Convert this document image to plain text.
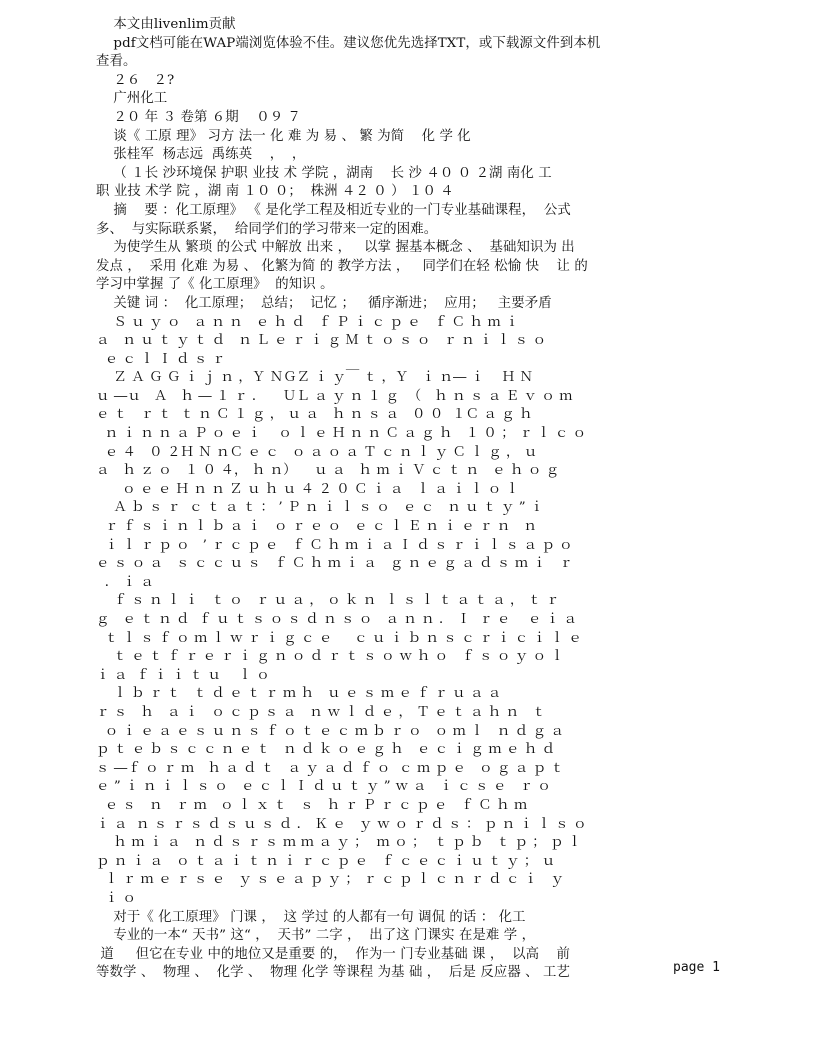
本文由livenlim贡献
pdf文档可能在WAP端浏览体验不佳。建议您优先选择TXT，或下载源文件到本机
查看。
２６   ２?
广州化工
２０ 年 ３ 卷第 ６期    ０９ ７
谈《 工原 理》 习方 法一 化 难 为 易 、 繁 为简    化 学 化
张桂军  杨志远  禹练英    ，  ，
（ １长 沙环境保 护职 业技 术 学院 ，湖南    长 沙 ４０ ０ ２湖 南化 工
职 业技 术学 院 ，湖 南 １０ ０；  株洲 ４２ ０ ） １０ ４
摘    要 ：化工原理》 《 是化学工程及相近专业的一门专业基础课程，  公式
多、  与实际联系紧，  给同学们的学习带来一定的困难。
为使学生从 繁琐 的公式 中解放 出来 ，   以掌 握基本概念 、  基础知识为 出
发点 ，  采用 化难 为易 、 化繁为简 的 教学方法 ，   同学们在轻 松愉 快    让 的
学习中掌握 了《 化工原理》  的知识 。
关键 词 ：  化工原理；  总结；  记忆 ；   循序渐进；  应用；   主要矛盾
Ｓ ｕ ｙ ｏ   ａ ｎ ｎ   ｅ ｈ ｄ   ｆ Ｐ ｉ ｃ ｐ ｅ   ｆ Ｃ ｈ ｍ ｉ
ａ   ｎ ｕ ｔ ｙ ｔ ｄ   ｎ Ｌ ｅ ｒ ｉ ｇ Ｍ ｔ ｏ ｓ ｏ   ｒ ｎ ｉ ｌ ｓ ｏ
ｅ ｃ ｌ Ｉ ｄ ｓ ｒ
Ｚ Ａ Ｇ Ｇ ｉ ｊ ｎ ，Ｙ ＮＧＺ ｉ ｙ￣ ｔ ，Ｙ   ｉ ｎ― ｉ    Ｈ Ｎ
ｕ ―ｕ   Ａ   ｈ ― １ ｒ ．    ＵＬ ａ ｙ ｎ １ ｇ  （   ｈ ｎ ｓ ａ Ｅ ｖ ｏ ｍ
ｅ ｔ   ｒ ｔ  ｔ ｎ Ｃ １ ｇ ， ｕ ａ   ｈ ｎ ｓ ａ   ０ ０  １Ｃ ａ ｇ ｈ
ｎ ｉ ｎ ｎ ａ Ｐ ｏ ｅ ｉ    ｏ ｌ ｅ Ｈ ｎ ｎ Ｃ ａ ｇ ｈ   １ ０ ； ｒ ｌ ｃ ｏ
ｅ ４   ０ ２Ｈ Ｎ ｎＣ ｅ ｃ   ｏ ａ ｏ ａ Ｔ ｃ ｎ ｌ ｙ Ｃ ｌ ｇ ， ｕ
ａ   ｈ ｚ ｏ   １ ０ ４， ｈ ｎ）    ｕ ａ   ｈ ｍ ｉ Ｖ ｃ ｔ ｎ   ｅ ｈ ｏ ｇ
ｏ ｅ ｅ Ｈ ｎ ｎ Ｚ ｕ ｈ ｕ ４ ２ ０ Ｃ ｉ ａ   ｌ ａ ｉ ｌ ｏ ｌ
Ａ ｂ ｓ ｒ  ｃ ｔ ａ ｔ ： ’ Ｐ ｎ ｉ ｌ ｓ ｏ   ｅ ｃ   ｎ ｕ ｔ ｙ ” ｉ
ｒ ｆ ｓ ｉ ｎ ｌ ｂ ａ ｉ   ｏ ｒ ｅ ｏ   ｅ ｃ ｌ Ｅ ｎ ｉ ｅ ｒ ｎ   ｎ
ｉ ｌ ｒ ｐ ｏ   ’ ｒ ｃ ｐ ｅ   ｆ Ｃ ｈ ｍ ｉ ａ Ｉ ｄ ｓ ｒ ｉ ｌ ｓ ａ ｐ ｏ
ｅ ｓ ｏ ａ   ｓ ｃ ｃ ｕ ｓ   ｆ Ｃ ｈ ｍ ｉ ａ   ｇ ｎ ｅ ｇ ａ ｄ ｓ ｍ ｉ   ｒ
． ｉ ａ
ｆ ｓ ｎ ｌ ｉ   ｔ ｏ   ｒ ｕ ａ ， ｏ ｋ ｎ  ｌ ｓ ｌ ｔ ａ ｔ ａ ， ｔ ｒ
ｇ   ｅ ｔ ｎ ｄ  ｆ ｕ ｔ ｓ ｏ ｓ ｄ ｎ ｓ ｏ   ａ ｎ ｎ ． Ｉ  ｒ ｅ    ｅ ｉ ａ
ｔ ｌ ｓ ｆ ｏ ｍ ｌ ｗ ｒ ｉ ｇ ｃ ｅ     ｃ ｕ ｉ ｂ ｎ ｓ ｃ ｒ ｉ ｃ ｉ ｌ ｅ
ｔ ｅ ｔ ｆ ｒ ｅ ｒ ｉ ｇ ｎ ｏ ｄ ｒ ｔ ｓ ｏ ｗ ｈ ｏ   ｆ ｓ ｏ ｙ ｏ ｌ
ｉ ａ  ｆ ｉ ｉ ｔ ｕ    ｌ ｏ
ｌ ｂ ｒ ｔ   ｔ ｄ ｅ ｔ ｒ ｍ ｈ   ｕ ｅ ｓ ｍ ｅ ｆ ｒ ｕ ａ ａ
ｒ ｓ   ｈ   ａ ｉ   ｏ ｃ ｐ ｓ ａ   ｎ ｗ ｌ ｄ ｅ ， Ｔ ｅ ｔ ａ ｈ ｎ   ｔ
ｏ ｉ ｅ ａ ｅ ｓ ｕ ｎ ｓ ｆ ｏ ｔ ｅ ｃ ｍ ｂ ｒ ｏ   ｏ ｍ ｌ   ｎ ｄ ｇ ａ
ｐ ｔ ｅ ｂ ｓ ｃ ｃ ｎ ｅ ｔ   ｎ ｄ ｋ ｏ ｅ ｇ ｈ   ｅ ｃ ｉ ｇ ｍ ｅ ｈ ｄ
ｓ ―ｆ ｏ ｒ ｍ   ｈ ａ ｄ ｔ   ａ ｙ ａ ｄ ｆ ｏ  ｃ ｍ ｐ ｅ   ｏ ｇ ａ ｐ ｔ
ｅ ” ｉ ｎ ｉ ｌ ｓ ｏ   ｅ ｃ ｌ Ｉ ｄ ｕ ｔ ｙ ” ｗ ａ   ｉ ｃ ｓ ｅ   ｒ ｏ
ｅ ｓ   ｎ   ｒ ｍ   ｏ ｌ ｘ ｔ   ｓ   ｈ ｒ Ｐ ｒ ｃ ｐ ｅ   ｆ Ｃ ｈ ｍ
ｉ ａ  ｎ ｓ ｒ ｓ ｄ ｓ ｕ ｓ ｄ ． Ｋ ｅ   ｙ ｗ ｏ ｒ ｄ ｓ ： ｐ ｎ ｉ ｌ ｓ ｏ
ｈ ｍ ｉ ａ   ｎ ｄ ｓ ｒ ｓ ｍ ｍ ａ ｙ ；  ｍ ｏ ；  ｔ ｐ ｂ   ｔ ｐ ； ｐ ｌ
ｐ ｎ ｉ ａ   ｏ ｔ ａ ｉ ｔ ｎ ｉ ｒ ｃ ｐ ｅ   ｆ ｃ ｅ ｃ ｉ ｕ ｔ ｙ ； ｕ
ｌ ｒ ｍ ｅ ｒ ｓ ｅ   ｙ ｓ ｅ ａ ｐ ｙ ； ｒ ｃ ｐ ｌ ｃ ｎ ｒ ｄ ｃ ｉ   ｙ
ｉ ｏ
对于《 化工原理》 门课 ，  这 学过 的人都有一句 调侃 的话 ： 化工
专业的一本“ 天书” 这“ ，  天书” 二字 ，  出了这 门课实 在是难 学 ，
道     但它在专业 中的地位又是重要 的，  作为一 门专业基础 课 ，  以高    前
等数学 、  物理 、  化学 、  物理 化学 等课程 为基 础 ，  后是 反应器 、 工艺	page 1
